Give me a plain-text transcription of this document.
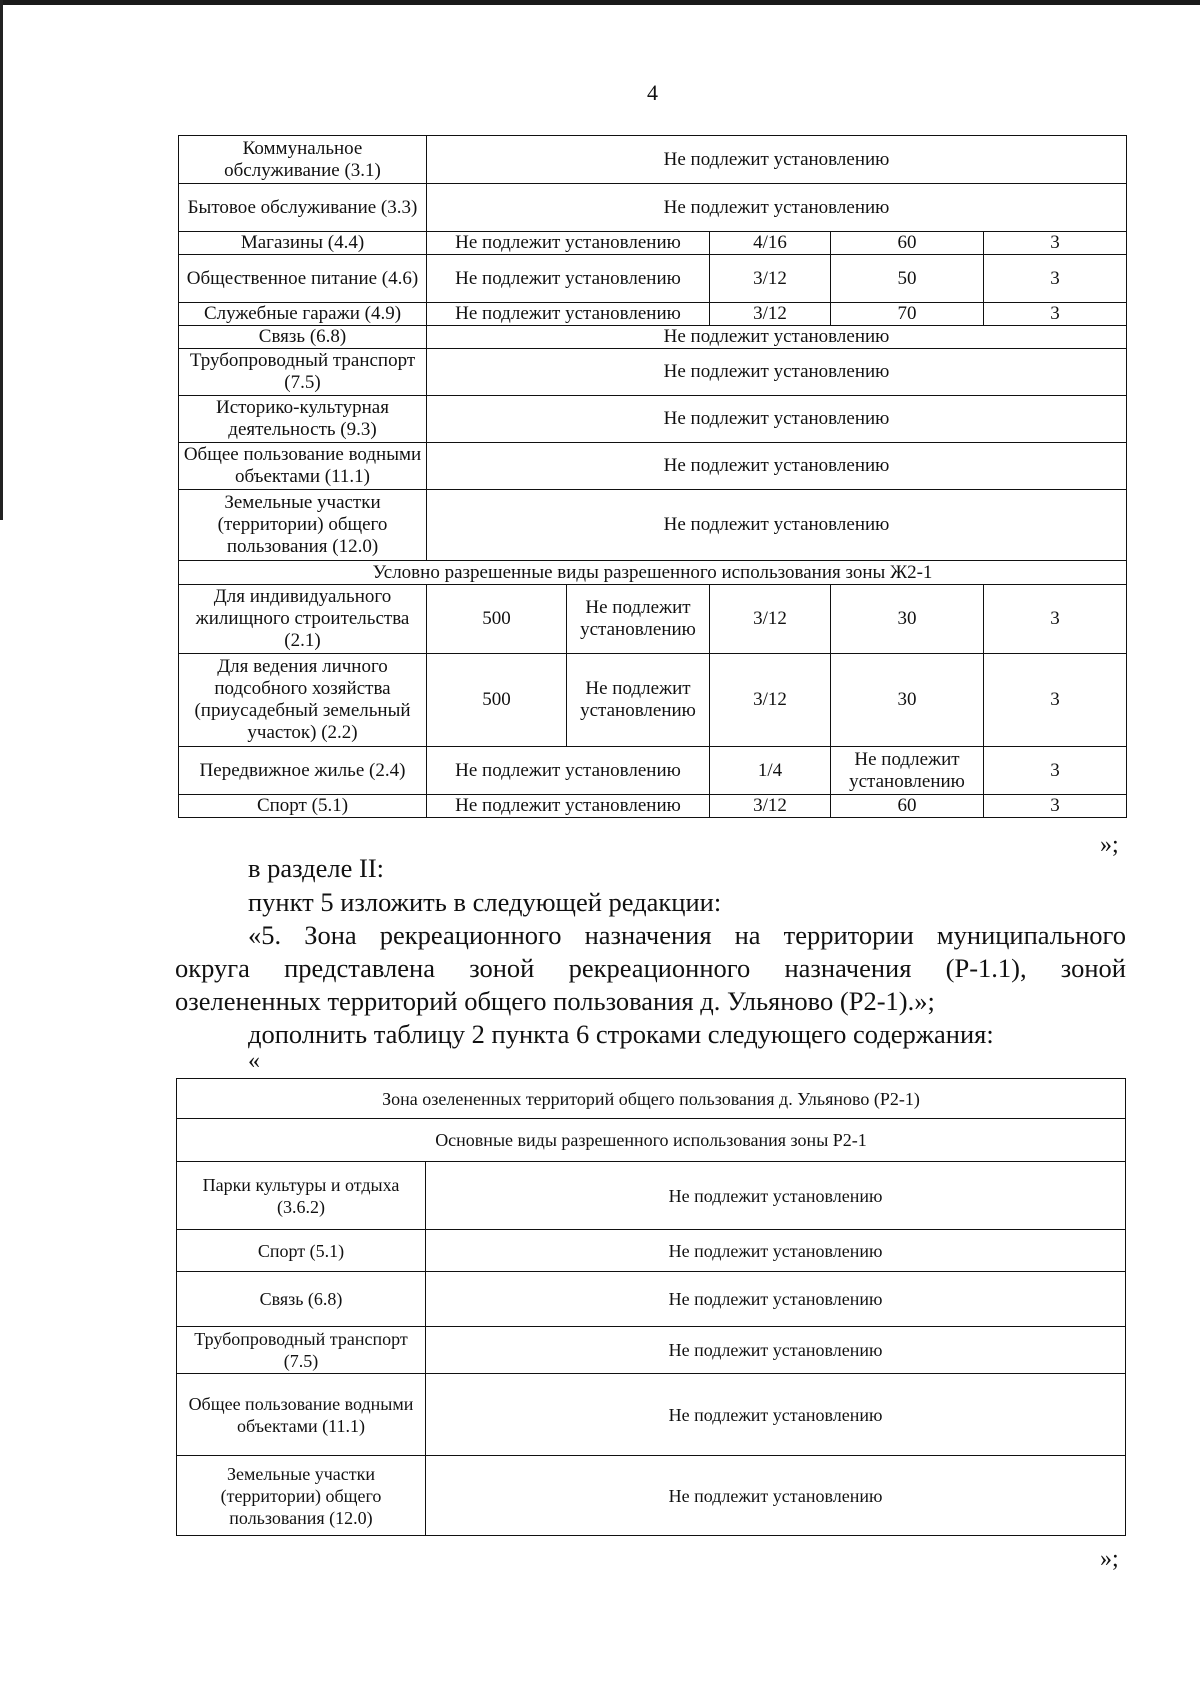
4
Коммунальное обслуживание (3.1)	Не подлежит установлению				
Бытовое обслуживание (3.3)	Не подлежит установлению				
Магазины (4.4)	Не подлежит установлению		4/16	60	3
Общественное питание (4.6)	Не подлежит установлению		3/12	50	3
Служебные гаражи (4.9)	Не подлежит установлению		3/12	70	3
Связь (6.8)	Не подлежит установлению				
Трубопроводный транспорт (7.5)	Не подлежит установлению				
Историко-культурная деятельность (9.3)	Не подлежит установлению				
Общее пользование водными объектами (11.1)	Не подлежит установлению				
Земельные участки (территории) общего пользования (12.0)	Не подлежит установлению				
Условно разрешенные виды разрешенного использования зоны Ж2-1					
Для индивидуального жилищного строительства (2.1)	500	Не подлежит установлению	3/12	30	3
Для ведения личного подсобного хозяйства (приусадебный земельный участок) (2.2)	500	Не подлежит установлению	3/12	30	3
Передвижное жилье (2.4)	Не подлежит установлению		1/4	Не подлежит установлению	3
Спорт (5.1)	Не подлежит установлению		3/12	60	3
»;
в разделе II:
пункт 5 изложить в следующей редакции:
«5. Зона рекреационного назначения на территории муниципального
округа представлена зоной рекреационного назначения (Р-1.1), зоной
озелененных территорий общего пользования д. Ульяново (Р2-1).»;
дополнить таблицу 2 пункта 6 строками следующего содержания:
«
Зона озелененных территорий общего пользования д. Ульяново (Р2-1)	
Основные виды разрешенного использования зоны Р2-1	
Парки культуры и отдыха (3.6.2)	Не подлежит установлению
Спорт (5.1)	Не подлежит установлению
Связь (6.8)	Не подлежит установлению
Трубопроводный транспорт (7.5)	Не подлежит установлению
Общее пользование водными объектами (11.1)	Не подлежит установлению
Земельные участки (территории) общего пользования (12.0)	Не подлежит установлению
»;
